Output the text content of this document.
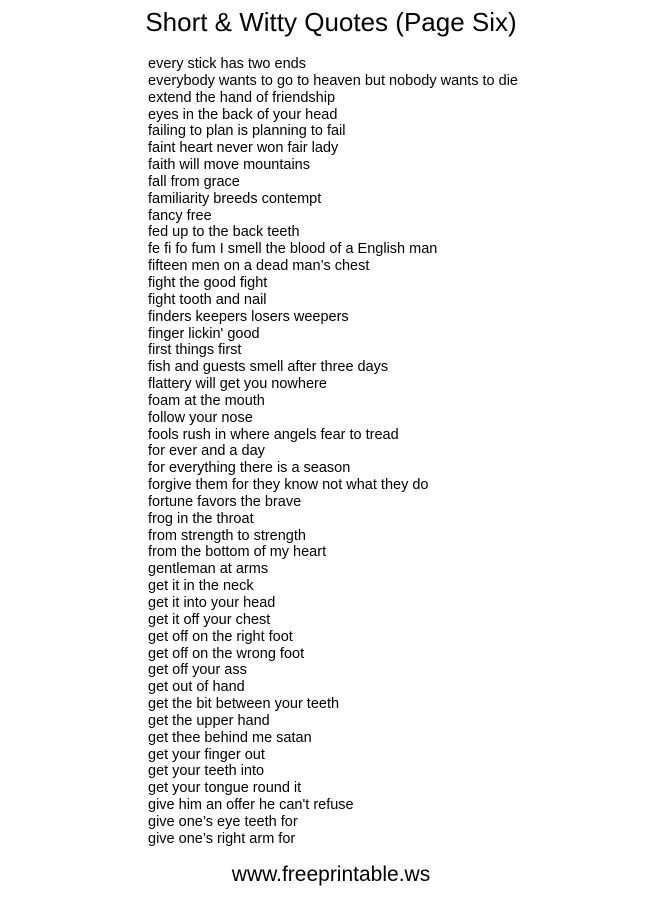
Short & Witty Quotes (Page Six)
every stick has two ends
everybody wants to go to heaven but nobody wants to die
extend the hand of friendship
eyes in the back of your head
failing to plan is planning to fail
faint heart never won fair lady
faith will move mountains
fall from grace
familiarity breeds contempt
fancy free
fed up to the back teeth
fe fi fo fum I smell the blood of a English man
fifteen men on a dead man’s chest
fight the good fight
fight tooth and nail
finders keepers losers weepers
finger lickin' good
first things first
fish and guests smell after three days
flattery will get you nowhere
foam at the mouth
follow your nose
fools rush in where angels fear to tread
for ever and a day
for everything there is a season
forgive them for they know not what they do
fortune favors the brave
frog in the throat
from strength to strength
from the bottom of my heart
gentleman at arms
get it in the neck
get it into your head
get it off your chest
get off on the right foot
get off on the wrong foot
get off your ass
get out of hand
get the bit between your teeth
get the upper hand
get thee behind me satan
get your finger out
get your teeth into
get your tongue round it
give him an offer he can't refuse
give one’s eye teeth for
give one’s right arm for
www.freeprintable.ws
